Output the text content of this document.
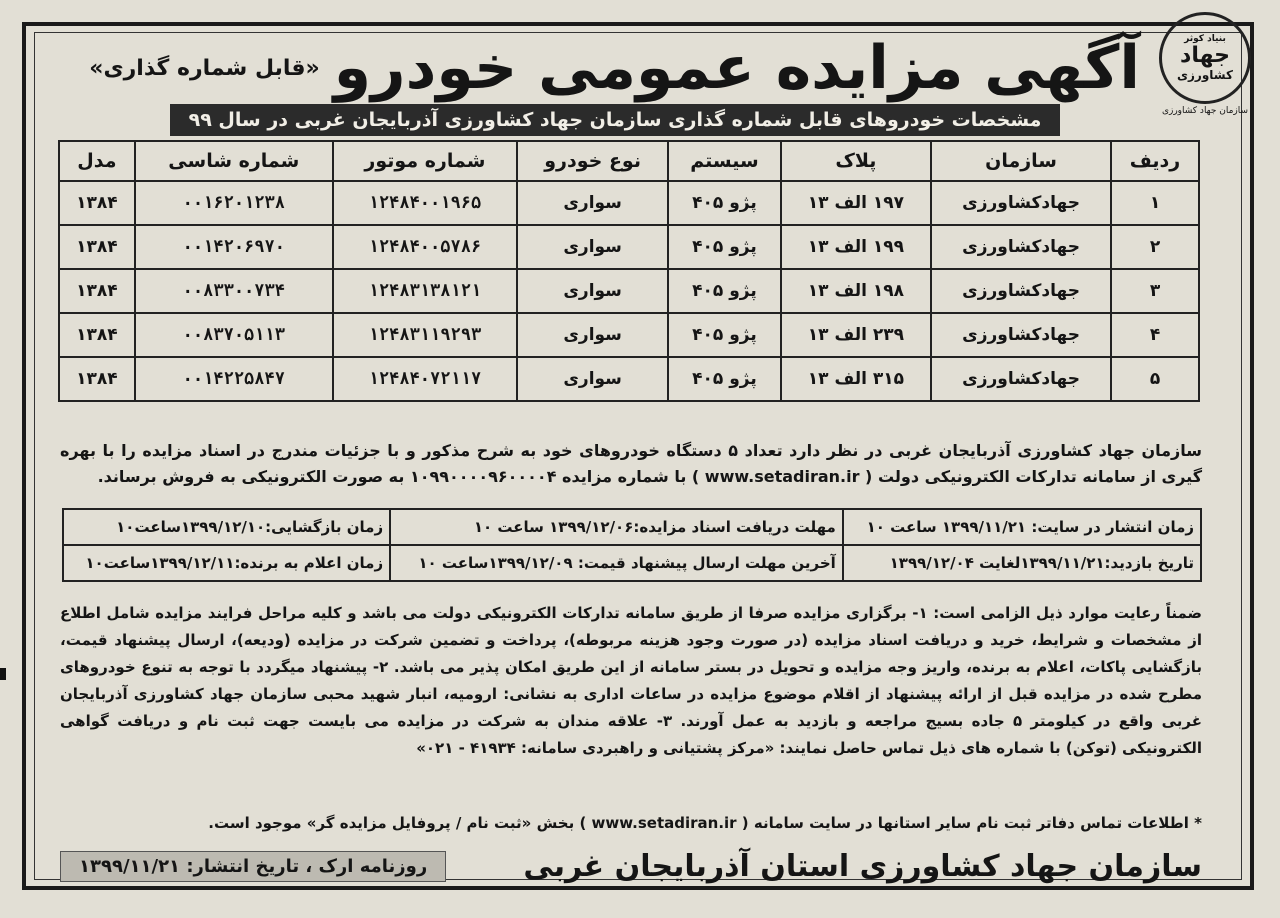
بنیاد کوثر
جهاد
کشاورزی
سازمان جهاد کشاورزی
آگهی مزایده عمومی خودرو
«قابل شماره گذاری»
مشخصات خودروهای قابل شماره گذاری سازمان جهاد کشاورزی آذربایجان غربی در سال ۹۹
ردیف	سازمان	پلاک	سیستم	نوع خودرو	شماره موتور	شماره شاسی	مدل
۱	جهادکشاورزی	۱۹۷ الف ۱۳	پژو ۴۰۵	سواری	۱۲۴۸۴۰۰۱۹۶۵	۰۰۱۶۲۰۱۲۳۸	۱۳۸۴
۲	جهادکشاورزی	۱۹۹ الف ۱۳	پژو ۴۰۵	سواری	۱۲۴۸۴۰۰۵۷۸۶	۰۰۱۴۲۰۶۹۷۰	۱۳۸۴
۳	جهادکشاورزی	۱۹۸ الف ۱۳	پژو ۴۰۵	سواری	۱۲۴۸۳۱۳۸۱۲۱	۰۰۸۳۳۰۰۷۳۴	۱۳۸۴
۴	جهادکشاورزی	۲۳۹ الف ۱۳	پژو ۴۰۵	سواری	۱۲۴۸۳۱۱۹۲۹۳	۰۰۸۳۷۰۵۱۱۳	۱۳۸۴
۵	جهادکشاورزی	۳۱۵ الف ۱۳	پژو ۴۰۵	سواری	۱۲۴۸۴۰۷۲۱۱۷	۰۰۱۴۲۲۵۸۴۷	۱۳۸۴
سازمان جهاد کشاورزی آذربایجان غربی در نظر دارد تعداد ۵ دستگاه خودروهای خود به شرح مذکور و با جزئیات مندرج در اسناد مزایده را با بهره گیری از سامانه تدارکات الکترونیکی دولت ( www.setadiran.ir ) با شماره مزایده ۱۰۹۹۰۰۰۰۹۶۰۰۰۰۴ به صورت الکترونیکی به فروش برساند.
زمان انتشار در سایت: ۱۳۹۹/۱۱/۲۱ ساعت ۱۰	مهلت دریافت اسناد مزایده:۱۳۹۹/۱۲/۰۶ ساعت ۱۰	زمان بازگشایی:۱۳۹۹/۱۲/۱۰ساعت۱۰
تاریخ بازدید:۱۳۹۹/۱۱/۲۱لغایت ۱۳۹۹/۱۲/۰۴	آخرین مهلت ارسال پیشنهاد قیمت: ۱۳۹۹/۱۲/۰۹ساعت ۱۰	زمان اعلام به برنده:۱۳۹۹/۱۲/۱۱ساعت۱۰
ضمناً رعایت موارد ذیل الزامی است: ۱- برگزاری مزایده صرفا از طریق سامانه تدارکات الکترونیکی دولت می باشد و کلیه مراحل فرایند مزایده شامل اطلاع از مشخصات و شرایط، خرید و دریافت اسناد مزایده (در صورت وجود هزینه مربوطه)، پرداخت و تضمین شرکت در مزایده (ودیعه)، ارسال پیشنهاد قیمت، بازگشایی پاکات، اعلام به برنده، واریز وجه مزایده و تحویل در بستر سامانه از این طریق امکان پذیر می باشد. ۲- پیشنهاد میگردد با توجه به تنوع خودروهای مطرح شده در مزایده قبل از ارائه پیشنهاد از اقلام موضوع مزایده در ساعات اداری به نشانی: ارومیه، انبار شهید محبی سازمان جهاد کشاورزی آذربایجان غربی واقع در کیلومتر ۵ جاده بسیج مراجعه و بازدید به عمل آورند. ۳- علاقه مندان به شرکت در مزایده می بایست جهت ثبت نام و دریافت گواهی الکترونیکی (توکن) با شماره های ذیل تماس حاصل نمایند: «مرکز پشتیانی و راهبردی سامانه: ۴۱۹۳۴ - ۰۲۱»
* اطلاعات تماس دفاتر ثبت نام سایر استانها در سایت سامانه ( www.setadiran.ir ) بخش «ثبت نام / پروفایل مزایده گر» موجود است.
سازمان جهاد کشاورزی استان آذربایجان غربی
روزنامه ارک ، تاریخ انتشار: ۱۳۹۹/۱۱/۲۱
